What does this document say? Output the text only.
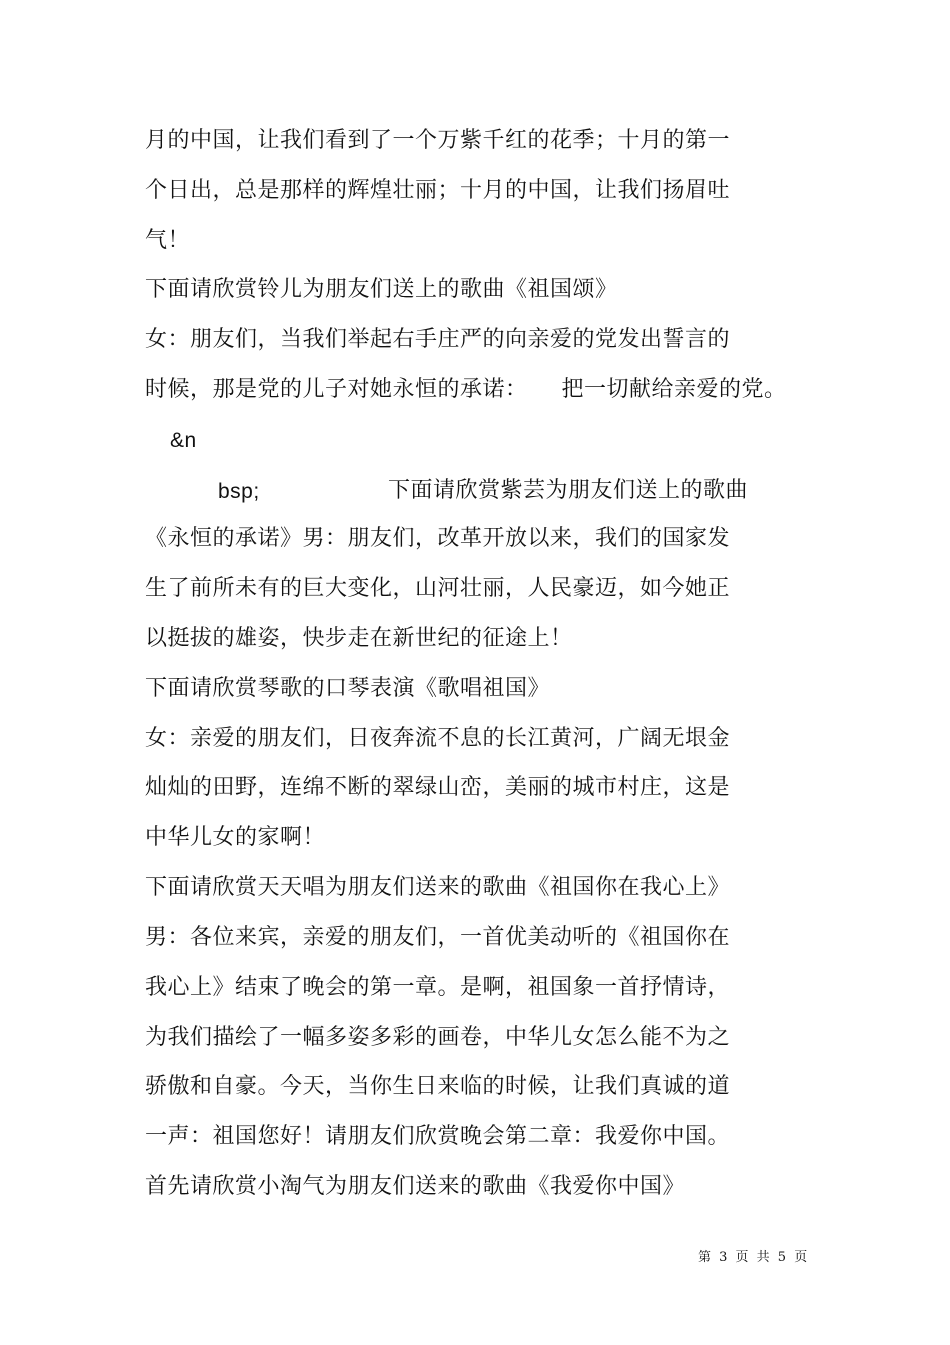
月的中国，让我们看到了一个万紫千红的花季；十月的第一
个日出，总是那样的辉煌壮丽；十月的中国，让我们扬眉吐
气！
下面请欣赏铃儿为朋友们送上的歌曲《祖国颂》
女：朋友们，当我们举起右手庄严的向亲爱的党发出誓言的
时候，那是党的儿子对她永恒的承诺：　　把一切献给亲爱的党。
&n
bsp;	下面请欣赏紫芸为朋友们送上的歌曲
《永恒的承诺》男：朋友们，改革开放以来，我们的国家发
生了前所未有的巨大变化，山河壮丽，人民豪迈，如今她正
以挺拔的雄姿，快步走在新世纪的征途上！
下面请欣赏琴歌的口琴表演《歌唱祖国》
女：亲爱的朋友们，日夜奔流不息的长江黄河，广阔无垠金
灿灿的田野，连绵不断的翠绿山峦，美丽的城市村庄，这是
中华儿女的家啊！
下面请欣赏天天唱为朋友们送来的歌曲《祖国你在我心上》
男：各位来宾，亲爱的朋友们，一首优美动听的《祖国你在
我心上》结束了晚会的第一章。是啊，祖国象一首抒情诗，
为我们描绘了一幅多姿多彩的画卷，中华儿女怎么能不为之
骄傲和自豪。今天，当你生日来临的时候，让我们真诚的道
一声：祖国您好！请朋友们欣赏晚会第二章：我爱你中国。
首先请欣赏小淘气为朋友们送来的歌曲《我爱你中国》
第 3 页 共 5 页
